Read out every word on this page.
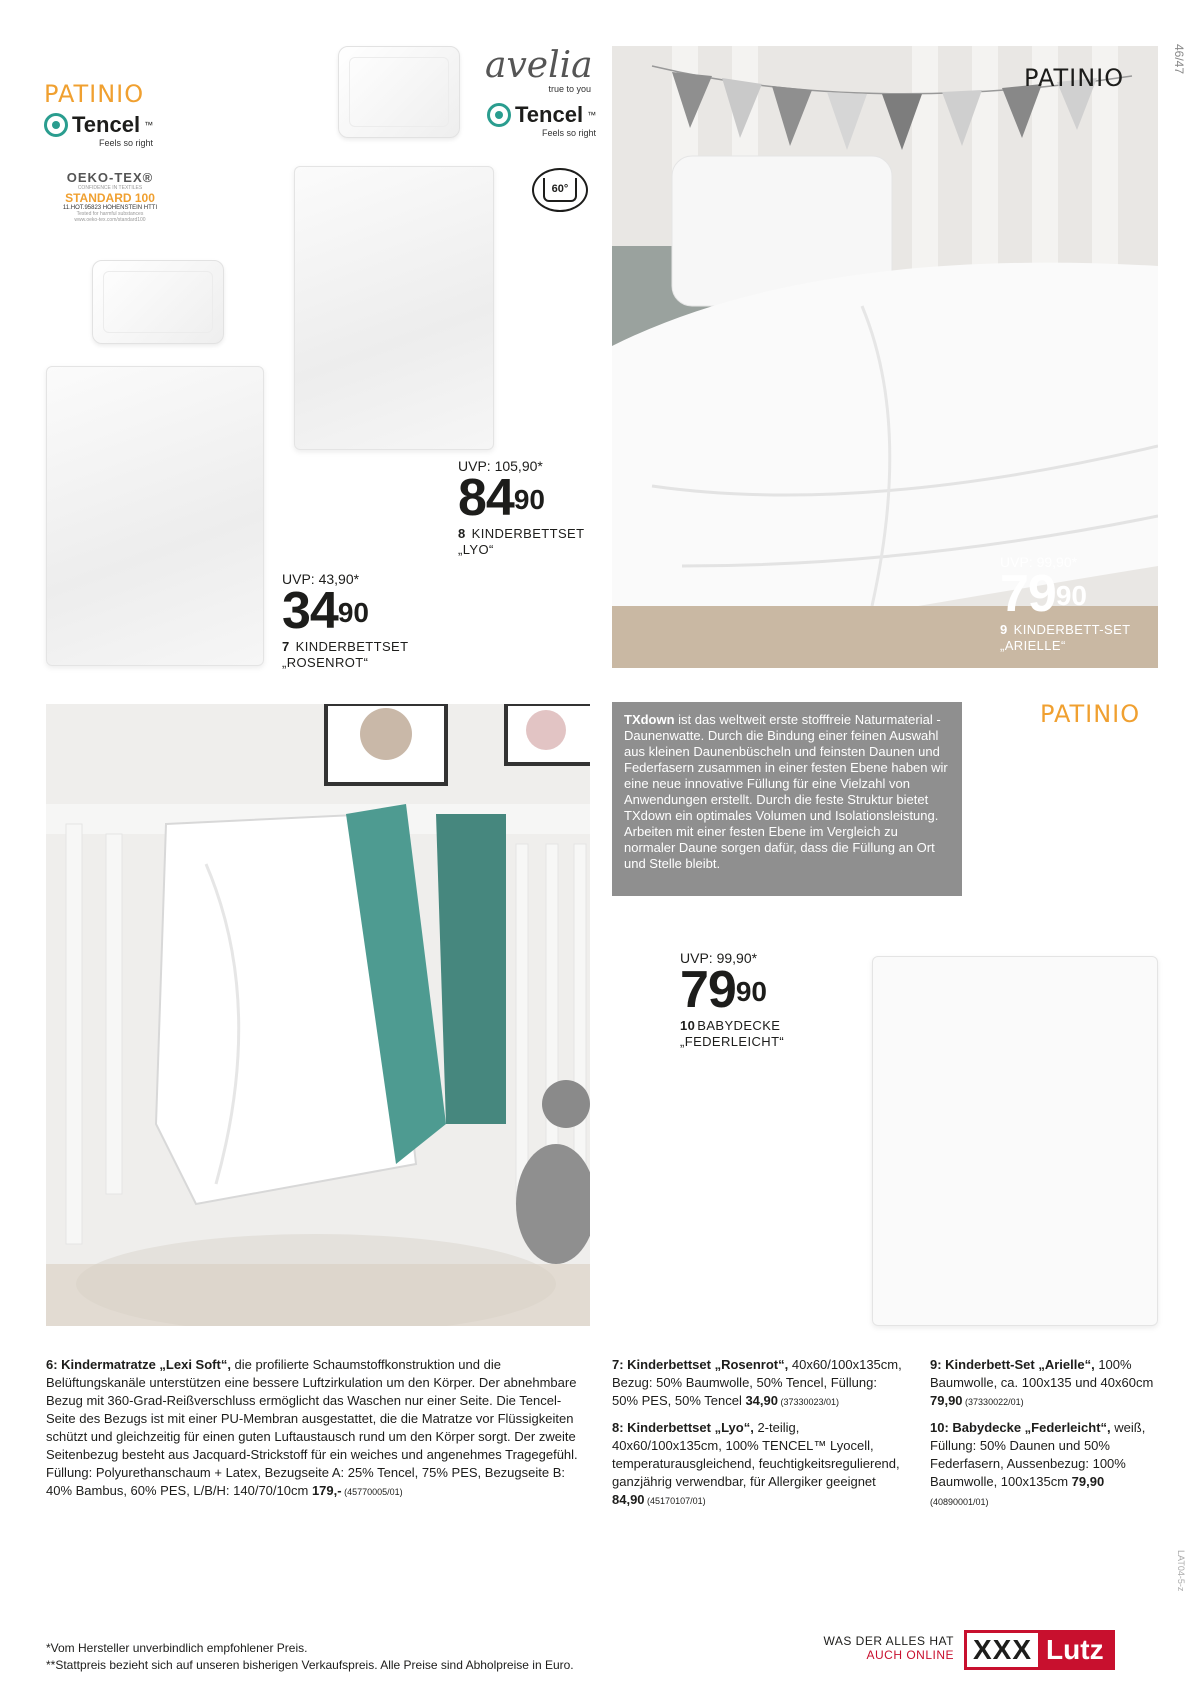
46/47
LAT04-5-z
PATINIO
Tencel ™
Feels so right
OEKO-TEX®
CONFIDENCE IN TEXTILES
STANDARD 100
11.HOT.95823 HOHENSTEIN HTTI
Tested for harmful substances
www.oeko-tex.com/standard100
avelia
true to you
Tencel ™
Feels so right
60°
UVP: 105,90*
$84^{90}$
8 KINDERBETTSET
„LYO“
UVP: 43,90*
$34^{90}$
7 KINDERBETTSET
„ROSENROT“
PATINIO
UVP: 99,90*
$79^{90}$
9 KINDERBETT-SET
„ARIELLE“
PATINIO
TXdown ist das weltweit erste stofffreie Naturmaterial -Daunenwatte. Durch die Bindung einer feinen Auswahl aus kleinen Daunenbüscheln und feinsten Daunen und Federfasern zusammen in einer festen Ebene haben wir eine neue innovative Füllung für eine Vielzahl von Anwendungen erstellt. Durch die feste Struktur bietet TXdown ein optimales Volumen und Isolationsleistung. Arbeiten mit einer festen Ebene im Vergleich zu normaler Daune sorgen dafür, dass die Füllung an Ort und Stelle bleibt.
UVP: 99,90*
$79^{90}$
10 BABYDECKE
„FEDERLEICHT“

6: Kindermatratze „Lexi Soft“, die profilierte Schaumstoffkonstruktion und die Belüftungskanäle unterstützen eine bessere Luftzirkulation um den Körper. Der abnehmbare Bezug mit 360-Grad-Reißverschluss ermöglicht das Waschen nur einer Seite. Die Tencel-Seite des Bezugs ist mit einer PU-Membran ausgestattet, die die Matratze vor Flüssigkeiten schützt und gleichzeitig für einen guten Luftaustausch rund um den Körper sorgt. Der zweite Seitenbezug besteht aus Jacquard-Strickstoff für ein weiches und angenehmes Tragegefühl. Füllung: Polyurethanschaum + Latex, Bezugseite A: 25% Tencel, 75% PES, Bezugseite B: 40% Bambus, 60% PES, L/B/H: 140/70/10cm 179,- (45770005/01)

7: Kinderbettset „Rosenrot“, 40x60/100x135cm, Bezug: 50% Baumwolle, 50% Tencel, Füllung: 50% PES, 50% Tencel 34,90 (37330023/01)

8: Kinderbettset „Lyo“, 2-teilig, 40x60/100x135cm, 100% TENCEL™ Lyocell, temperaturausgleichend, feuchtigkeitsregulierend, ganzjährig verwendbar, für Allergiker geeignet 84,90 (45170107/01)

9: Kinderbett-Set „Arielle“, 100% Baumwolle, ca. 100x135 und 40x60cm 79,90 (37330022/01)

10: Babydecke „Federleicht“, weiß, Füllung: 50% Daunen und 50% Federfasern, Aussenbezug: 100% Baumwolle, 100x135cm 79,90 (40890001/01)

*Vom Hersteller unverbindlich empfohlener Preis.
**Stattpreis bezieht sich auf unseren bisherigen Verkaufspreis. Alle Preise sind Abholpreise in Euro.
WAS DER ALLES HAT
AUCH ONLINE XXX Lutz
